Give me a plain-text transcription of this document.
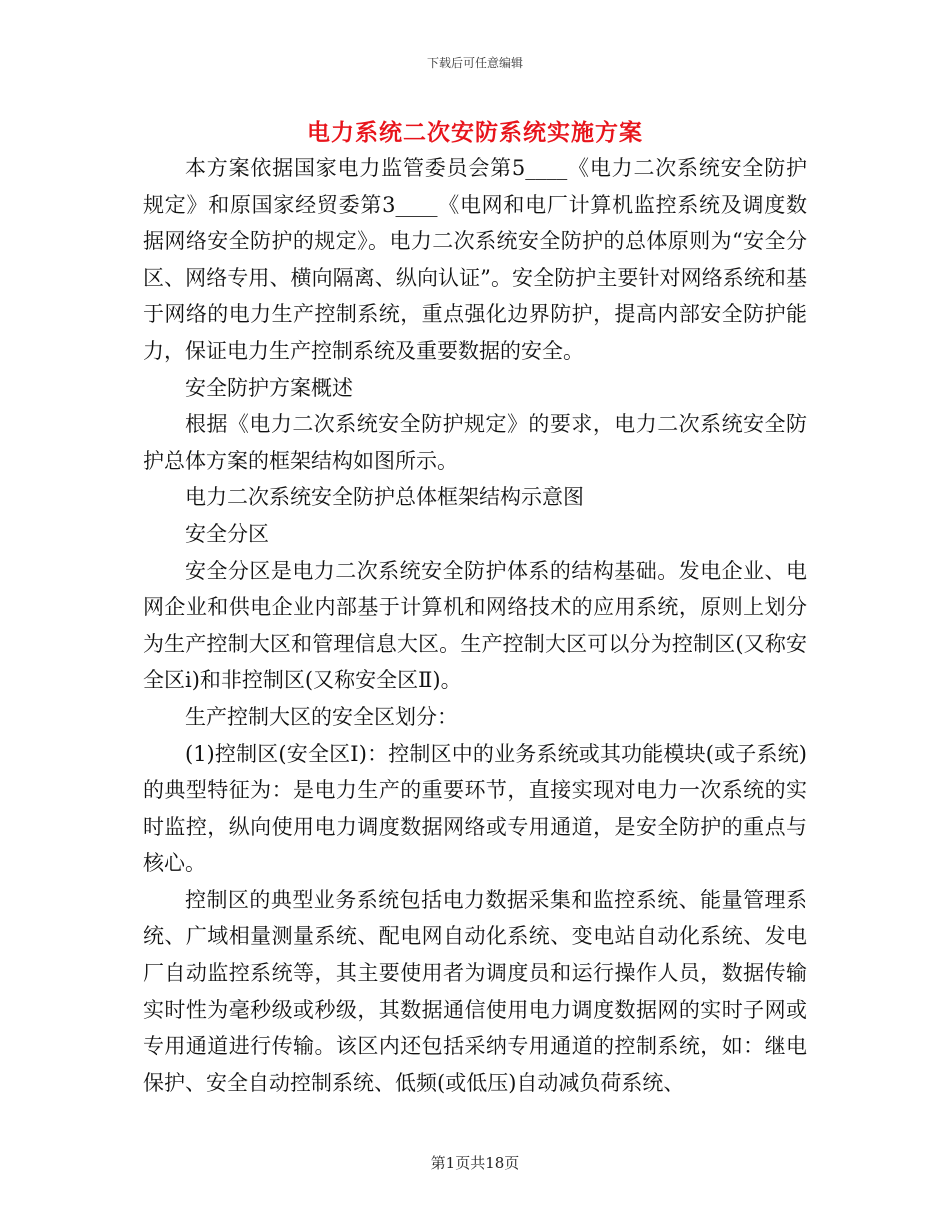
下载后可任意编辑
电力系统二次安防系统实施方案

本方案依据国家电力监管委员会第5____《电力二次系统安全防护规定》和原国家经贸委第3____《电网和电厂计算机监控系统及调度数据网络安全防护的规定》。电力二次系统安全防护的总体原则为“安全分区、网络专用、横向隔离、纵向认证”。安全防护主要针对网络系统和基于网络的电力生产控制系统，重点强化边界防护，提高内部安全防护能力，保证电力生产控制系统及重要数据的安全。

安全防护方案概述

根据《电力二次系统安全防护规定》的要求，电力二次系统安全防护总体方案的框架结构如图所示。

电力二次系统安全防护总体框架结构示意图

安全分区

安全分区是电力二次系统安全防护体系的结构基础。发电企业、电网企业和供电企业内部基于计算机和网络技术的应用系统，原则上划分为生产控制大区和管理信息大区。生产控制大区可以分为控制区(又称安全区i)和非控制区(又称安全区Ⅱ)。

生产控制大区的安全区划分：

(1)控制区(安全区Ⅰ)：控制区中的业务系统或其功能模块(或子系统)的典型特征为：是电力生产的重要环节，直接实现对电力一次系统的实时监控，纵向使用电力调度数据网络或专用通道，是安全防护的重点与核心。

控制区的典型业务系统包括电力数据采集和监控系统、能量管理系统、广域相量测量系统、配电网自动化系统、变电站自动化系统、发电厂自动监控系统等，其主要使用者为调度员和运行操作人员，数据传输实时性为毫秒级或秒级，其数据通信使用电力调度数据网的实时子网或专用通道进行传输。该区内还包括采纳专用通道的控制系统，如：继电保护、安全自动控制系统、低频(或低压)自动减负荷系统、

第1页共18页
